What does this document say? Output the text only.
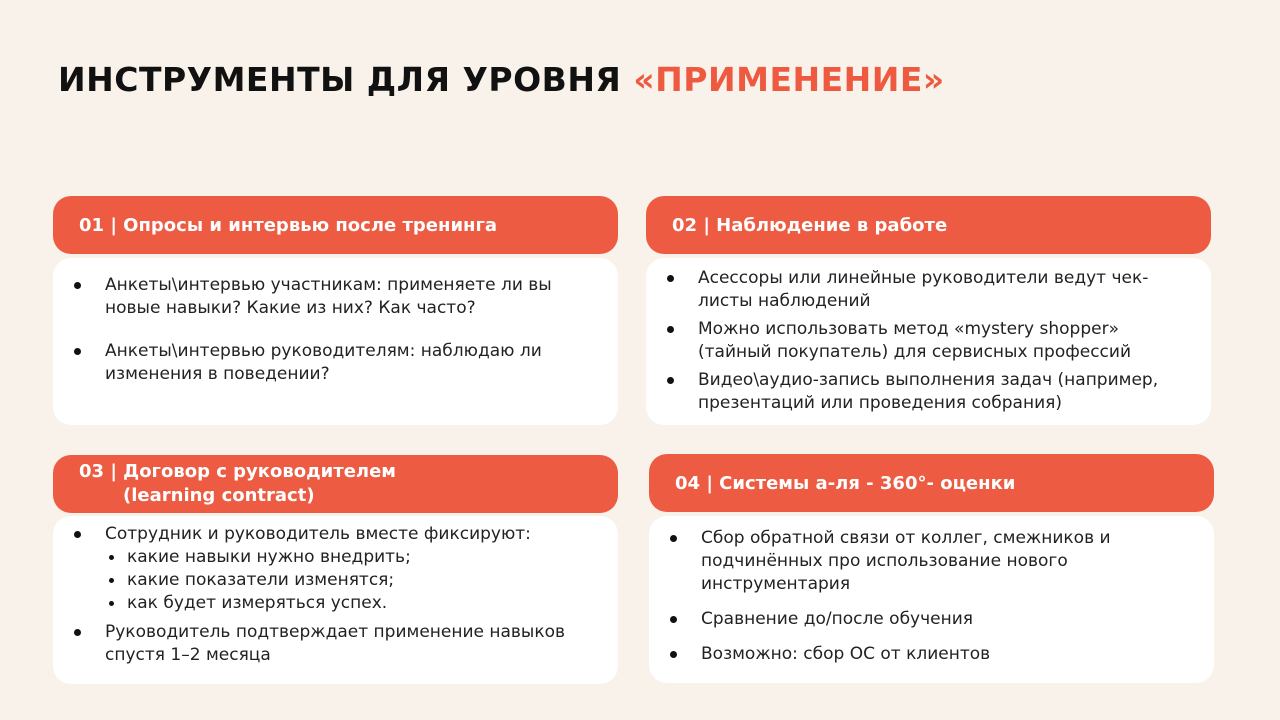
ИНСТРУМЕНТЫ ДЛЯ УРОВНЯ «ПРИМЕНЕНИЕ»
01 | Опросы и интервью после тренинга
Анкеты\интервью участникам: применяете ли вы новые навыки? Какие из них? Как часто?
Анкеты\интервью руководителям: наблюдаю ли изменения в поведении?
02 | Наблюдение в работе
Асессоры или линейные руководители ведут чек-листы наблюдений
Можно использовать метод «mystery shopper» (тайный покупатель) для сервисных профессий
Видео\аудио-запись выполнения задач (например, презентаций или проведения собрания)
03 | Договор с руководителем
(learning contract)
Сотрудник и руководитель вместе фиксируют:
какие навыки нужно внедрить;
какие показатели изменятся;
как будет измеряться успех.
Руководитель подтверждает применение навыков спустя 1–2 месяца
04 | Системы а-ля - 360°- оценки
Сбор обратной связи от коллег, смежников и подчинённых про использование нового инструментария
Сравнение до/после обучения
Возможно: сбор ОС от клиентов
